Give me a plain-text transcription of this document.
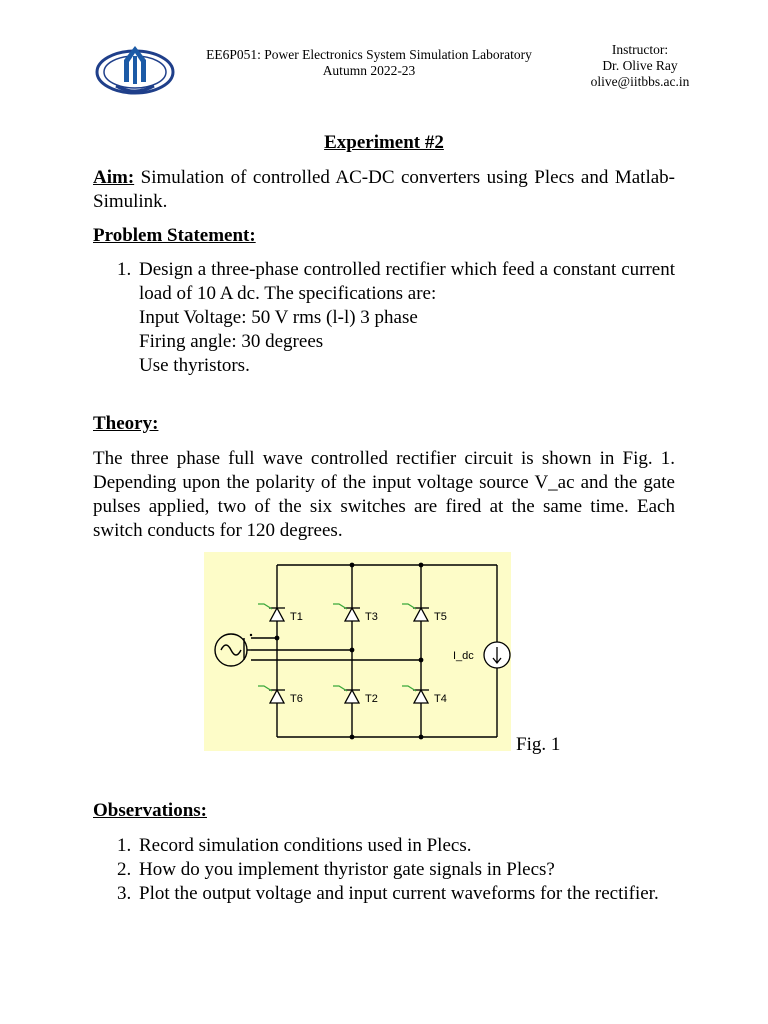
EE6P051: Power Electronics System Simulation Laboratory
Autumn 2022-23
Instructor:
Dr. Olive Ray
olive@iitbbs.ac.in
Experiment #2
Aim: Simulation of controlled AC-DC converters using Plecs and Matlab-Simulink.
Problem Statement:
1. Design a three-phase controlled rectifier which feed a constant current load of 10 A dc. The specifications are:
Input Voltage: 50 V rms (l-l) 3 phase
Firing angle: 30 degrees
Use thyristors.
Theory:
The three phase full wave controlled rectifier circuit is shown in Fig. 1. Depending upon the polarity of the input voltage source V_ac and the gate pulses applied, two of the six switches are fired at the same time. Each switch conducts for 120 degrees.
T1	T3	T5
T6	T2	T4
I_dc
Fig. 1
Observations:
1. Record simulation conditions used in Plecs.
2. How do you implement thyristor gate signals in Plecs?
3. Plot the output voltage and input current waveforms for the rectifier.
